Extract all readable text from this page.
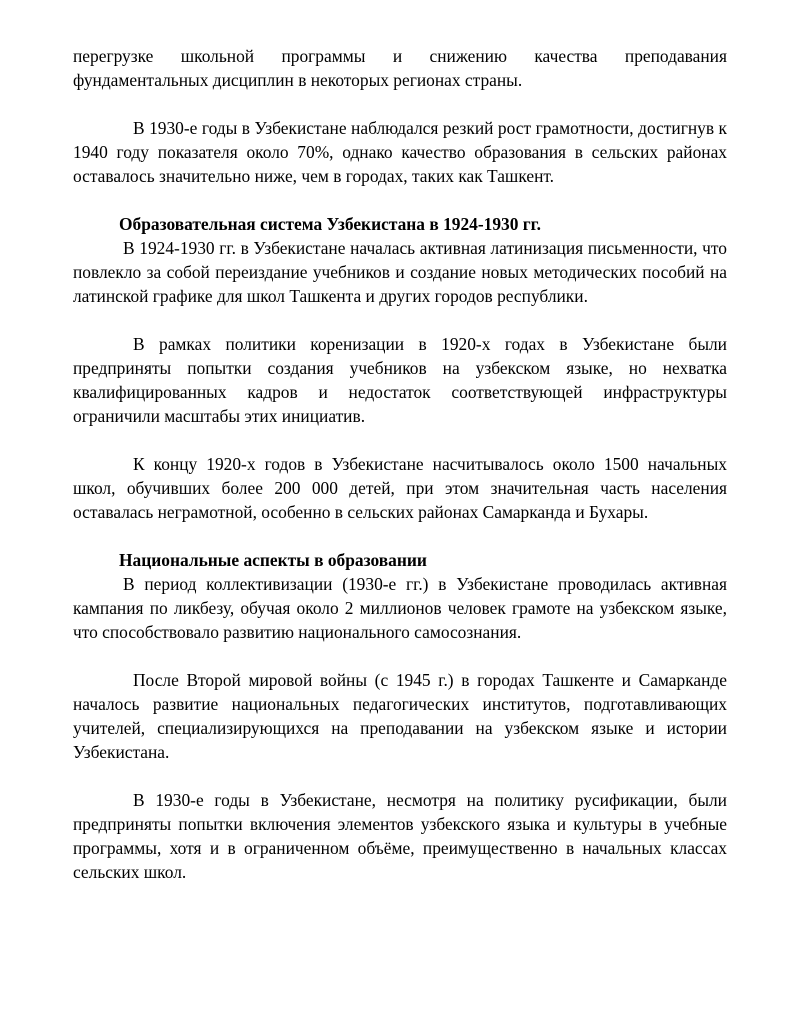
перегрузке школьной программы и снижению качества преподавания фундаментальных дисциплин в некоторых регионах страны.

В 1930-е годы в Узбекистане наблюдался резкий рост грамотности, достигнув к 1940 году показателя около 70%, однако качество образования в сельских районах оставалось значительно ниже, чем в городах, таких как Ташкент.

Образовательная система Узбекистана в 1924-1930 гг.

В 1924-1930 гг. в Узбекистане началась активная латинизация письменности, что повлекло за собой переиздание учебников и создание новых методических пособий на латинской графике для школ Ташкента и других городов республики.

В рамках политики коренизации в 1920-х годах в Узбекистане были предприняты попытки создания учебников на узбекском языке, но нехватка квалифицированных кадров и недостаток соответствующей инфраструктуры ограничили масштабы этих инициатив.

К концу 1920-х годов в Узбекистане насчитывалось около 1500 начальных школ, обучивших более 200 000 детей, при этом значительная часть населения оставалась неграмотной, особенно в сельских районах Самарканда и Бухары.

Национальные аспекты в образовании

В период коллективизации (1930-е гг.) в Узбекистане проводилась активная кампания по ликбезу, обучая около 2 миллионов человек грамоте на узбекском языке, что способствовало развитию национального самосознания.

После Второй мировой войны (с 1945 г.) в городах Ташкенте и Самарканде началось развитие национальных педагогических институтов, подготавливающих учителей, специализирующихся на преподавании на узбекском языке и истории Узбекистана.

В 1930-е годы в Узбекистане, несмотря на политику русификации, были предприняты попытки включения элементов узбекского языка и культуры в учебные программы, хотя и в ограниченном объёме, преимущественно в начальных классах сельских школ.
